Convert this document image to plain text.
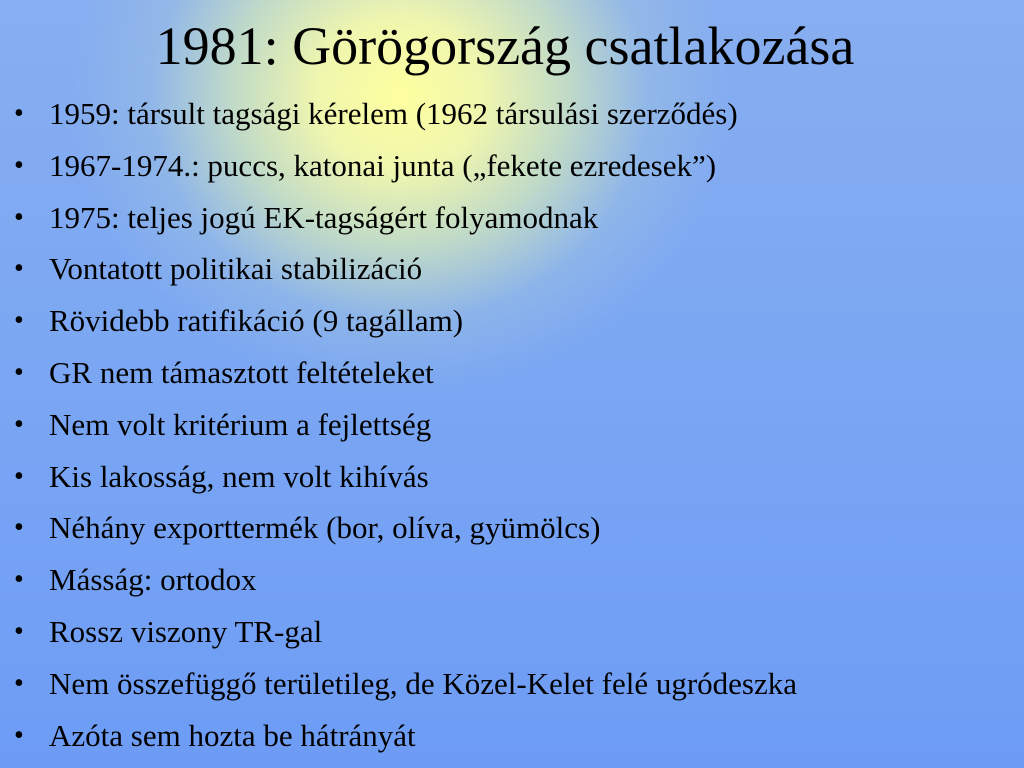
1981: Görögország csatlakozása
• 1959: társult tagsági kérelem (1962 társulási szerződés)
• 1967-1974.: puccs, katonai junta („fekete ezredesek”)
• 1975: teljes jogú EK-tagságért folyamodnak
• Vontatott politikai stabilizáció
• Rövidebb ratifikáció (9 tagállam)
• GR nem támasztott feltételeket
• Nem volt kritérium a fejlettség
• Kis lakosság, nem volt kihívás
• Néhány exporttermék (bor, olíva, gyümölcs)
• Másság: ortodox
• Rossz viszony TR-gal
• Nem összefüggő területileg, de Közel-Kelet felé ugródeszka
• Azóta sem hozta be hátrányát
